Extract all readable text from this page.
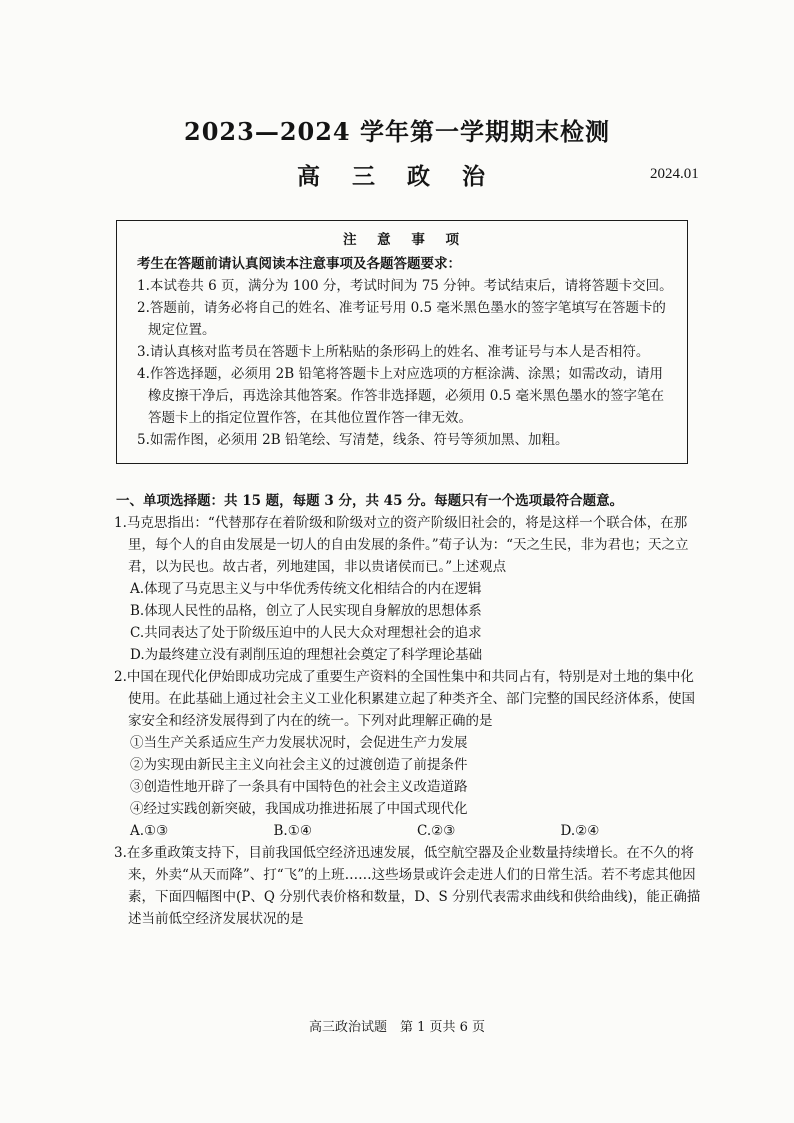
2023—2024 学年第一学期期末检测
高 三 政 治	2024.01
注 意 事 项
考生在答题前请认真阅读本注意事项及各题答题要求：
1.本试卷共 6 页，满分为 100 分，考试时间为 75 分钟。考试结束后，请将答题卡交回。
2.答题前，请务必将自己的姓名、准考证号用 0.5 毫米黑色墨水的签字笔填写在答题卡的规定位置。
3.请认真核对监考员在答题卡上所粘贴的条形码上的姓名、准考证号与本人是否相符。
4.作答选择题，必须用 2B 铅笔将答题卡上对应选项的方框涂满、涂黑；如需改动，请用橡皮擦干净后，再选涂其他答案。作答非选择题，必须用 0.5 毫米黑色墨水的签字笔在答题卡上的指定位置作答，在其他位置作答一律无效。
5.如需作图，必须用 2B 铅笔绘、写清楚，线条、符号等须加黑、加粗。
一、单项选择题：共 15 题，每题 3 分，共 45 分。每题只有一个选项最符合题意。
1.马克思指出：“代替那存在着阶级和阶级对立的资产阶级旧社会的，将是这样一个联合体，在那里，每个人的自由发展是一切人的自由发展的条件。”荀子认为：“天之生民，非为君也；天之立君，以为民也。故古者，列地建国，非以贵诸侯而已。”上述观点
A.体现了马克思主义与中华优秀传统文化相结合的内在逻辑
B.体现人民性的品格，创立了人民实现自身解放的思想体系
C.共同表达了处于阶级压迫中的人民大众对理想社会的追求
D.为最终建立没有剥削压迫的理想社会奠定了科学理论基础
2.中国在现代化伊始即成功完成了重要生产资料的全国性集中和共同占有，特别是对土地的集中化使用。在此基础上通过社会主义工业化积累建立起了种类齐全、部门完整的国民经济体系，使国家安全和经济发展得到了内在的统一。下列对此理解正确的是
①当生产关系适应生产力发展状况时，会促进生产力发展
②为实现由新民主主义向社会主义的过渡创造了前提条件
③创造性地开辟了一条具有中国特色的社会主义改造道路
④经过实践创新突破，我国成功推进拓展了中国式现代化
A.①③	B.①④	C.②③	D.②④
3.在多重政策支持下，目前我国低空经济迅速发展，低空航空器及企业数量持续增长。在不久的将来，外卖“从天而降”、打“飞”的上班……这些场景或许会走进人们的日常生活。若不考虑其他因素，下面四幅图中(P、Q 分别代表价格和数量，D、S 分别代表需求曲线和供给曲线)，能正确描述当前低空经济发展状况的是
高三政治试题　第 1 页共 6 页
